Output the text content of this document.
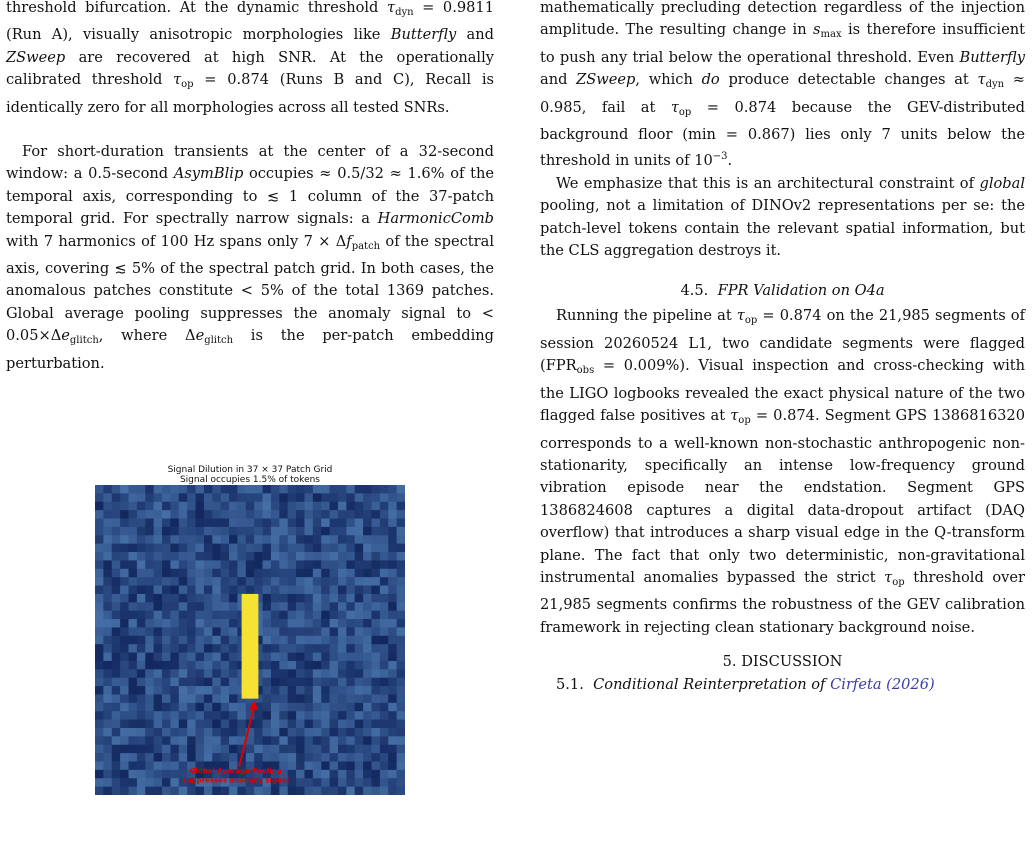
threshold bifurcation. At the dynamic threshold $\tau_{dyn} = 0.9811$ (Run A), visually anisotropic morphologies like Butterfly and ZSweep are recovered at high SNR. At the operationally calibrated threshold $\tau_{op} = 0.874$ (Runs B and C), Recall is identically zero for all morphologies across all tested SNRs.

For short-duration transients at the center of a 32-second window: a 0.5-second AsymBlip occupies ≈ 0.5/32 ≈ 1.6% of the temporal axis, corresponding to ≲ 1 column of the 37-patch temporal grid. For spectrally narrow signals: a HarmonicComb with 7 harmonics of 100 Hz spans only $7 \times \Delta f_{patch}$ of the spectral axis, covering ≲ 5% of the spectral patch grid. In both cases, the anomalous patches constitute < 5% of the total 1369 patches. Global average pooling suppresses the anomaly signal to < $0.05\times\Delta e_{glitch}$, where $\Delta e_{glitch}$ is the per-patch embedding perturbation.

Signal Dilution in 37 × 37 Patch Grid

Signal occupies 1.5% of tokens

Global Average Pooling
suppresses anomaly signal

mathematically precluding detection regardless of the injection amplitude. The resulting change in $s_{max}$ is therefore insufficient to push any trial below the operational threshold. Even Butterfly and ZSweep, which do produce detectable changes at $\tau_{dyn} \approx 0.985$, fail at $\tau_{op} = 0.874$ because the GEV-distributed background floor (min = 0.867) lies only 7 units below the threshold in units of $10^{-3}$.

We emphasize that this is an architectural constraint of global pooling, not a limitation of DINOv2 representations per se: the patch-level tokens contain the relevant spatial information, but the CLS aggregation destroys it.

4.5. FPR Validation on O4a

Running the pipeline at $\tau_{op} = 0.874$ on the 21,985 segments of session 20260524 L1, two candidate segments were flagged $(FPR_{obs} = 0.009\%)$. Visual inspection and cross-checking with the LIGO logbooks revealed the exact physical nature of the two flagged false positives at $\tau_{op} = 0.874$. Segment GPS 1386816320 corresponds to a well-known non-stochastic anthropogenic non-stationarity, specifically an intense low-frequency ground vibration episode near the endstation. Segment GPS 1386824608 captures a digital data-dropout artifact (DAQ overflow) that introduces a sharp visual edge in the Q-transform plane. The fact that only two deterministic, non-gravitational instrumental anomalies bypassed the strict $\tau_{op}$ threshold over 21,985 segments confirms the robustness of the GEV calibration framework in rejecting clean stationary background noise.

5. DISCUSSION

5.1. Conditional Reinterpretation of Cirfeta (2026)
